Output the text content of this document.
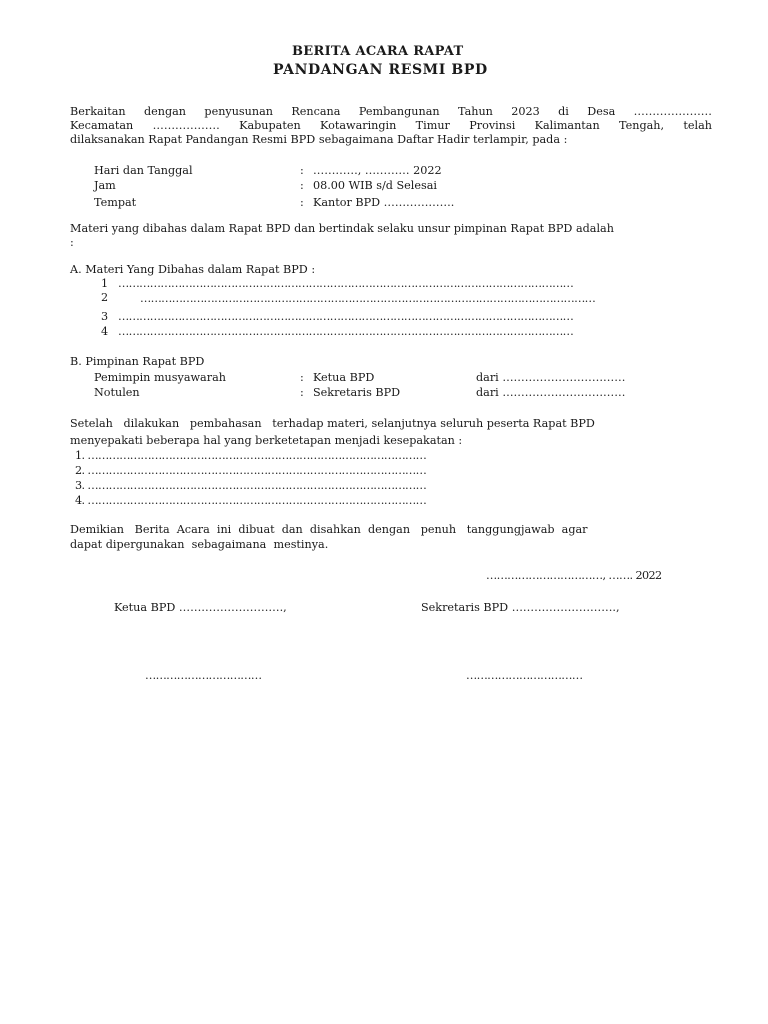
BERITA ACARA RAPAT
PANDANGAN RESMI BPD
Berkaitan dengan penyusunan Rencana Pembangunan Tahun 2023 di Desa …………………
Kecamatan ……………… Kabupaten Kotawaringin Timur Provinsi Kalimantan Tengah, telah
dilaksanakan Rapat Pandangan Resmi BPD sebagaimana Daftar Hadir terlampir, pada :
Hari dan Tanggal	: …………, ………… 2022
Jam	: 08.00 WIB s/d Selesai
Tempat	: Kantor BPD ……………….
Materi yang dibahas dalam Rapat BPD dan bertindak selaku unsur pimpinan Rapat BPD adalah
:
A. Materi Yang Dibahas dalam Rapat BPD :
1 …………………………………………………………………………………………………………………
2	…………………………………………………………………………………………………………………
3 …………………………………………………………………………………………………………………
4 …………………………………………………………………………………………………………………
B. Pimpinan Rapat BPD
Pemimpin musyawarah	: Ketua BPD	dari ……………………………
Notulen	: Sekretaris BPD	dari ……………………………
Setelah   dilakukan   pembahasan   terhadap materi, selanjutnya seluruh peserta Rapat BPD
menyepakati beberapa hal yang berketetapan menjadi kesepakatan :
1. ……………………………………………………………………………………
2. ……………………………………………………………………………………
3. ……………………………………………………………………………………
4. ……………………………………………………………………………………
Demikian   Berita  Acara  ini  dibuat  dan  disahkan  dengan   penuh   tanggungjawab  agar
dapat dipergunakan  sebagaimana  mestinya.
……………………………, ……. 2022
Ketua BPD ……………………….,	Sekretaris BPD ……………………….,
……………………………	……………………………
